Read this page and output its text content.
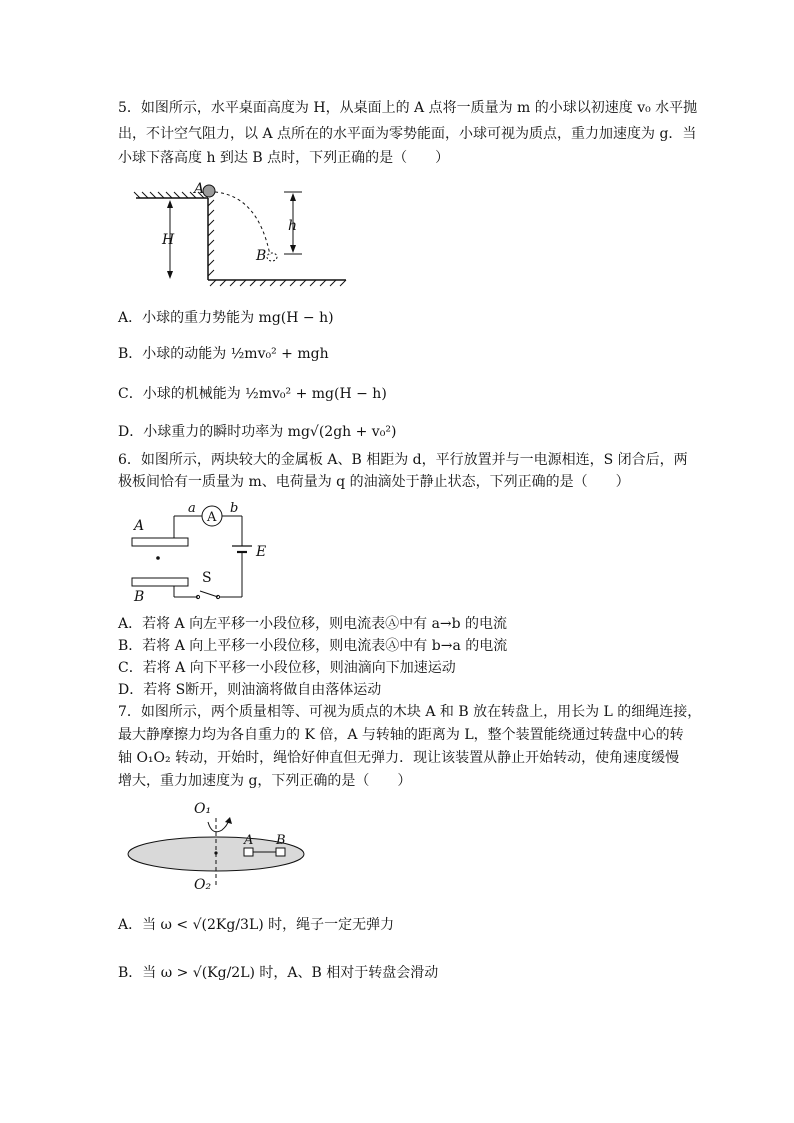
5．如图所示，水平桌面高度为 H，从桌面上的 A 点将一质量为 m 的小球以初速度 v₀ 水平抛
出，不计空气阻力，以 A 点所在的水平面为零势能面，小球可视为质点，重力加速度为 g．当
小球下落高度 h 到达 B 点时，下列正确的是（　　）
H
A
B
h
A．小球的重力势能为 mg(H − h)
B．小球的动能为 ½mv₀² + mgh
C．小球的机械能为 ½mv₀² + mg(H − h)
D．小球重力的瞬时功率为 mg√(2gh + v₀²)
6．如图所示，两块较大的金属板 A、B 相距为 d，平行放置并与一电源相连，S 闭合后，两
极板间恰有一质量为 m、电荷量为 q 的油滴处于静止状态，下列正确的是（　　）
A
a
A
b
E
S
B
A．若将 A 向左平移一小段位移，则电流表Ⓐ中有 a→b 的电流
B．若将 A 向上平移一小段位移，则电流表Ⓐ中有 b→a 的电流
C．若将 A 向下平移一小段位移，则油滴向下加速运动
D．若将 S断开，则油滴将做自由落体运动
7．如图所示，两个质量相等、可视为质点的木块 A 和 B 放在转盘上，用长为 L 的细绳连接，
最大静摩擦力均为各自重力的 K 倍，A 与转轴的距离为 L，整个装置能绕通过转盘中心的转
轴 O₁O₂ 转动，开始时，绳恰好伸直但无弹力．现让该装置从静止开始转动，使角速度缓慢
增大，重力加速度为 g，下列正确的是（　　）
O₁
O₂
A B
A．当 ω < √(2Kg/3L) 时，绳子一定无弹力
B．当 ω > √(Kg/2L) 时，A、B 相对于转盘会滑动
